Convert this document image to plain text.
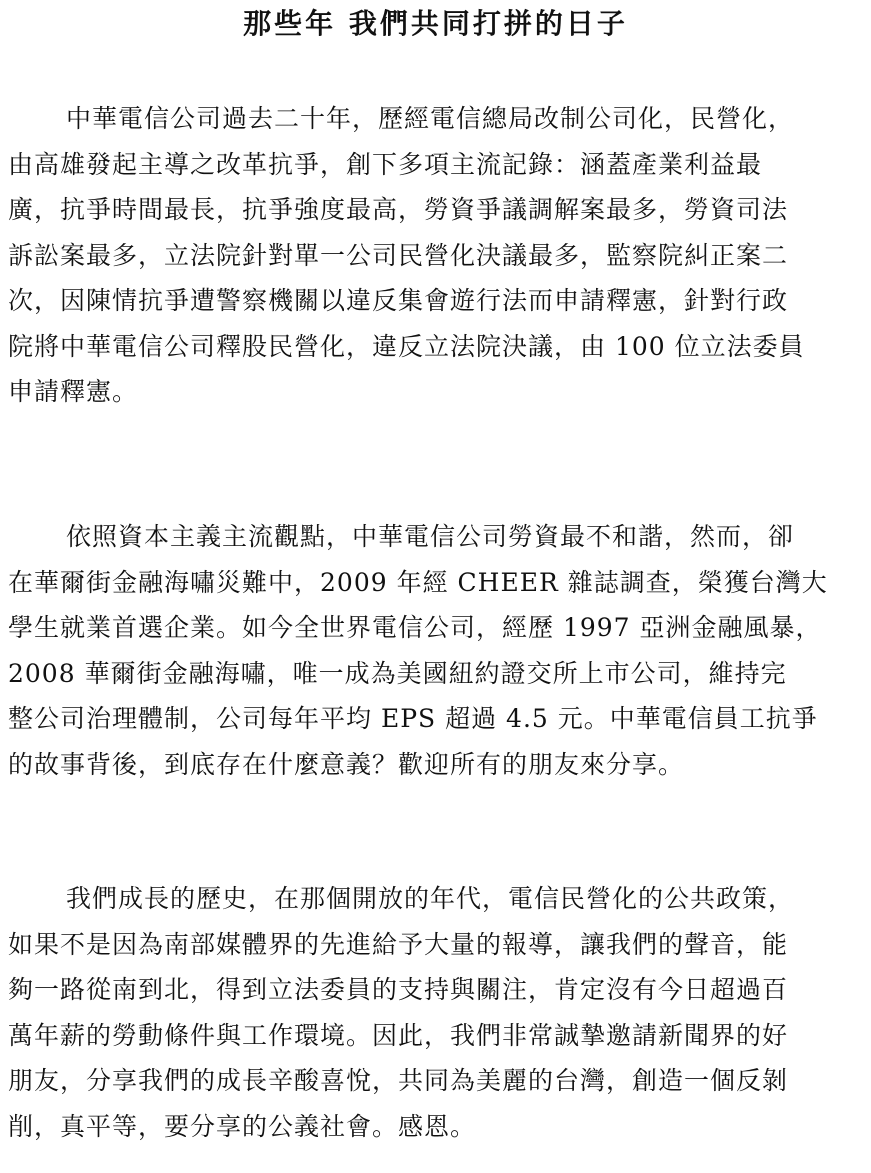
那些年 我們共同打拼的日子
中華電信公司過去二十年，歷經電信總局改制公司化，民營化，
由高雄發起主導之改革抗爭，創下多項主流記錄：涵蓋產業利益最
廣，抗爭時間最長，抗爭強度最高，勞資爭議調解案最多，勞資司法
訴訟案最多，立法院針對單一公司民營化決議最多，監察院糾正案二
次，因陳情抗爭遭警察機關以違反集會遊行法而申請釋憲，針對行政
院將中華電信公司釋股民營化，違反立法院決議，由 100 位立法委員
申請釋憲。
依照資本主義主流觀點，中華電信公司勞資最不和諧，然而，卻
在華爾街金融海嘯災難中，2009 年經 CHEER 雜誌調查，榮獲台灣大
學生就業首選企業。如今全世界電信公司，經歷 1997 亞洲金融風暴，
2008 華爾街金融海嘯，唯一成為美國紐約證交所上市公司，維持完
整公司治理體制，公司每年平均 EPS 超過 4.5 元。中華電信員工抗爭
的故事背後，到底存在什麼意義？歡迎所有的朋友來分享。
我們成長的歷史，在那個開放的年代，電信民營化的公共政策，
如果不是因為南部媒體界的先進給予大量的報導，讓我們的聲音，能
夠一路從南到北，得到立法委員的支持與關注，肯定沒有今日超過百
萬年薪的勞動條件與工作環境。因此，我們非常誠摯邀請新聞界的好
朋友，分享我們的成長辛酸喜悅，共同為美麗的台灣，創造一個反剝
削，真平等，要分享的公義社會。感恩。
